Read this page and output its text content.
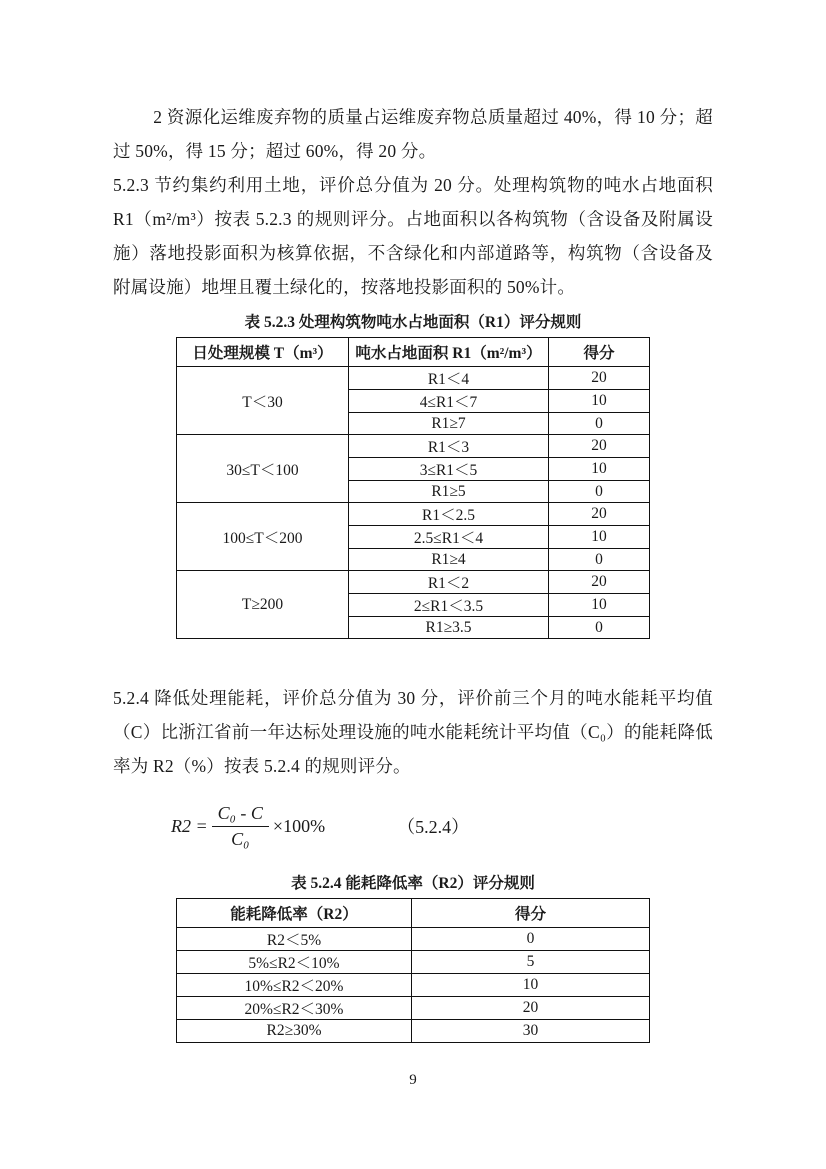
2 资源化运维废弃物的质量占运维废弃物总质量超过 40%，得 10 分；超过 50%，得 15 分；超过 60%，得 20 分。

5.2.3 节约集约利用土地，评价总分值为 20 分。处理构筑物的吨水占地面积 R1（m²/m³）按表 5.2.3 的规则评分。占地面积以各构筑物（含设备及附属设施）落地投影面积为核算依据，不含绿化和内部道路等，构筑物（含设备及附属设施）地埋且覆土绿化的，按落地投影面积的 50%计。

表 5.2.3 处理构筑物吨水占地面积（R1）评分规则
日处理规模 T（m³）	吨水占地面积 R1（m²/m³）	得分
T＜30	R1＜4	20
	4≤R1＜7	10
	R1≥7	0
30≤T＜100	R1＜3	20
	3≤R1＜5	10
	R1≥5	0
100≤T＜200	R1＜2.5	20
	2.5≤R1＜4	10
	R1≥4	0
T≥200	R1＜2	20
	2≤R1＜3.5	10
	R1≥3.5	0

5.2.4 降低处理能耗，评价总分值为 30 分，评价前三个月的吨水能耗平均值（C）比浙江省前一年达标处理设施的吨水能耗统计平均值（C₀）的能耗降低率为 R2（%）按表 5.2.4 的规则评分。

$R2 = \frac{\text{C₀ - C}}{\text{C₀}} \times 100\%$	（5.2.4）
表 5.2.4 能耗降低率（R2）评分规则
能耗降低率（R2）	得分
R2＜5%	0
5%≤R2＜10%	5
10%≤R2＜20%	10
20%≤R2＜30%	20
R2≥30%	30
9
